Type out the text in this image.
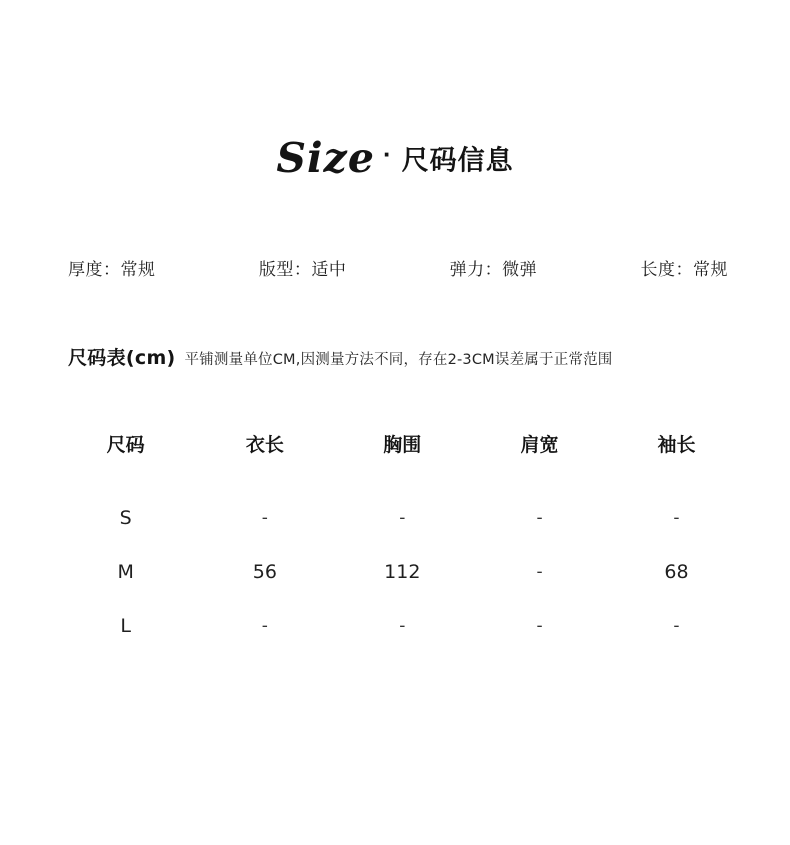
Size · 尺码信息
厚度：常规	版型：适中	弹力：微弹	长度：常规
尺码表(cm) 平铺测量单位CM,因测量方法不同，存在2-3CM误差属于正常范围
尺码	衣长	胸围	肩宽	袖长
S	-	-	-	-
M	56	112	-	68
L	-	-	-	-
